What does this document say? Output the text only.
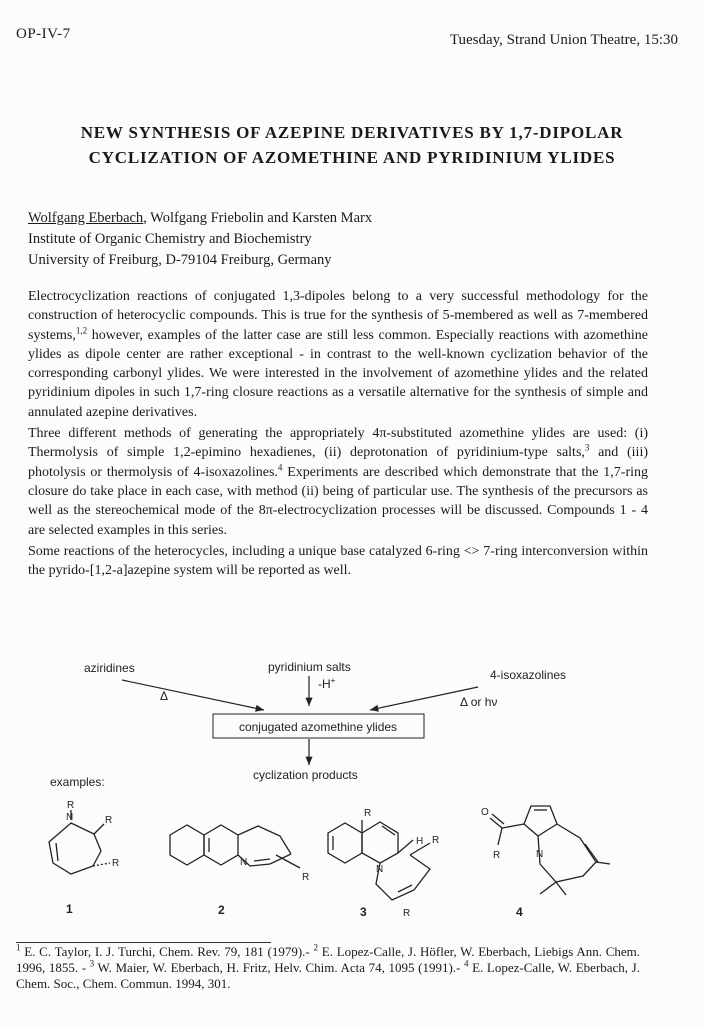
OP-IV-7	Tuesday, Strand Union Theatre, 15:30
NEW SYNTHESIS OF AZEPINE DERIVATIVES BY 1,7-DIPOLAR
CYCLIZATION OF AZOMETHINE AND PYRIDINIUM YLIDES
Wolfgang Eberbach, Wolfgang Friebolin and Karsten Marx
Institute of Organic Chemistry and Biochemistry
University of Freiburg, D-79104 Freiburg, Germany

Electrocyclization reactions of conjugated 1,3-dipoles belong to a very successful methodology for the construction of heterocyclic compounds. This is true for the synthesis of 5-membered as well as 7-membered systems,$^{1,2}$ however, examples of the latter case are still less common. Especially reactions with azomethine ylides as dipole center are rather exceptional - in contrast to the well-known cyclization behavior of the corresponding carbonyl ylides. We were interested in the involvement of azomethine ylides and the related pyridinium dipoles in such 1,7-ring closure reactions as a versatile alternative for the synthesis of simple and annulated azepine derivatives.

Three different methods of generating the appropriately 4π-substituted azomethine ylides are used: (i) Thermolysis of simple 1,2-epimino hexadienes, (ii) deprotonation of pyridinium-type salts,$^3$ and (iii) photolysis or thermolysis of 4-isoxazolines.$^4$ Experiments are described which demonstrate that the 1,7-ring closure do take place in each case, with method (ii) being of particular use. The synthesis of the precursors as well as the stereochemical mode of the 8π-electrocyclization processes will be discussed. Compounds 1 - 4 are selected examples in this series.

Some reactions of the heterocycles, including a unique base catalyzed 6-ring <> 7-ring interconversion within the pyrido-[1,2-a]azepine system will be reported as well.

aziridines	pyridinium salts
-H+	4-isoxazolines
Δ	Δ or hν
cyclization products
examples:
conjugated azomethine ylides
N
R
R
R
1
N
R
2
N
R
H R
R
3
N
O
R
4
$^1$ E. C. Taylor, I. J. Turchi, Chem. Rev. 79, 181 (1979).- $^2$ E. Lopez-Calle, J. Höfler, W. Eberbach, Liebigs Ann. Chem. 1996, 1855. - $^3$ W. Maier, W. Eberbach, H. Fritz, Helv. Chim. Acta 74, 1095 (1991).- $^4$ E. Lopez-Calle, W. Eberbach, J. Chem. Soc., Chem. Commun. 1994, 301.
